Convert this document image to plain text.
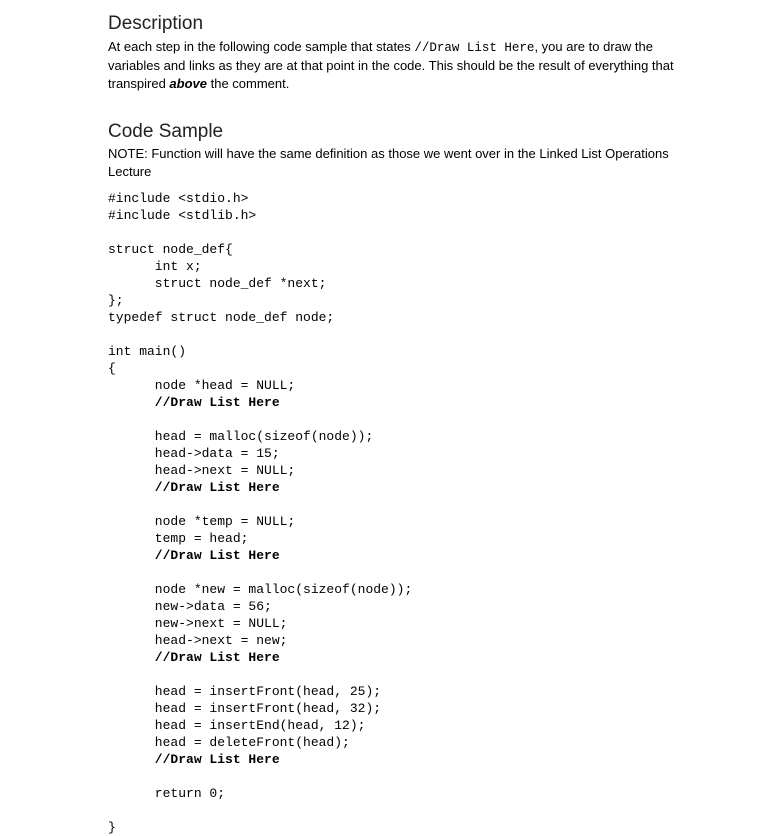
Description

At each step in the following code sample that states //Draw List Here, you are to draw the variables and links as they are at that point in the code. This should be the result of everything that transpired above the comment.

Code Sample

NOTE: Function will have the same definition as those we went over in the Linked List Operations Lecture

#include <stdio.h>
#include <stdlib.h>
struct node_def{
int x;
struct node_def *next;
};
typedef struct node_def node;
int main()
{
node *head = NULL;
//Draw List Here
head = malloc(sizeof(node));
head->data = 15;
head->next = NULL;
//Draw List Here
node *temp = NULL;
temp = head;
//Draw List Here
node *new = malloc(sizeof(node));
new->data = 56;
new->next = NULL;
head->next = new;
//Draw List Here
head = insertFront(head, 25);
head = insertFront(head, 32);
head = insertEnd(head, 12);
head = deleteFront(head);
//Draw List Here
return 0;
}
